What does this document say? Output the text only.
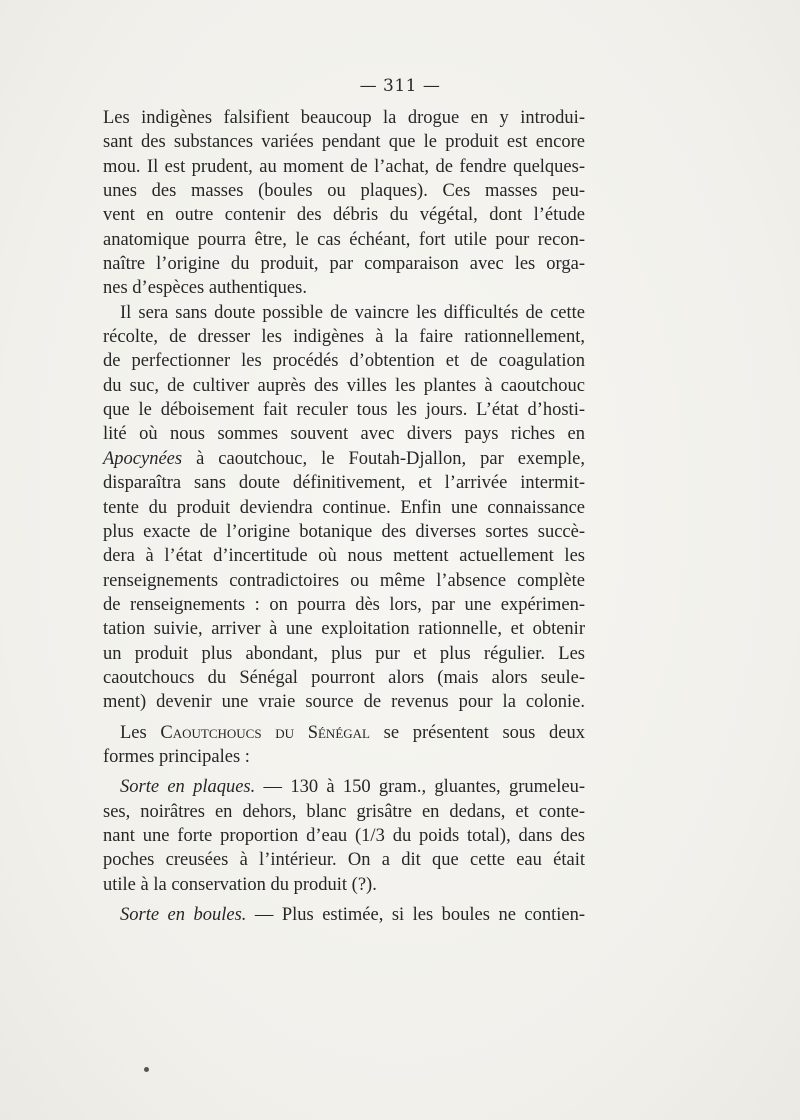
— 311 —
Les indigènes falsifient beaucoup la drogue en y introdui-
sant des substances variées pendant que le produit est encore
mou. Il est prudent, au moment de l’achat, de fendre quelques-
unes des masses (boules ou plaques). Ces masses peu-
vent en outre contenir des débris du végétal, dont l’étude
anatomique pourra être, le cas échéant, fort utile pour recon-
naître l’origine du produit, par comparaison avec les orga-
nes d’espèces authentiques.
Il sera sans doute possible de vaincre les difficultés de cette
récolte, de dresser les indigènes à la faire rationnellement,
de perfectionner les procédés d’obtention et de coagulation
du suc, de cultiver auprès des villes les plantes à caoutchouc
que le déboisement fait reculer tous les jours. L’état d’hosti-
lité où nous sommes souvent avec divers pays riches en
Apocynées à caoutchouc, le Foutah-Djallon, par exemple,
disparaîtra sans doute définitivement, et l’arrivée intermit-
tente du produit deviendra continue. Enfin une connaissance
plus exacte de l’origine botanique des diverses sortes succè-
dera à l’état d’incertitude où nous mettent actuellement les
renseignements contradictoires ou même l’absence complète
de renseignements : on pourra dès lors, par une expérimen-
tation suivie, arriver à une exploitation rationnelle, et obtenir
un produit plus abondant, plus pur et plus régulier. Les
caoutchoucs du Sénégal pourront alors (mais alors seule-
ment) devenir une vraie source de revenus pour la colonie.
Les Caoutchoucs du Sénégal se présentent sous deux
formes principales :
Sorte en plaques. — 130 à 150 gram., gluantes, grumeleu-
ses, noirâtres en dehors, blanc grisâtre en dedans, et conte-
nant une forte proportion d’eau (1/3 du poids total), dans des
poches creusées à l’intérieur. On a dit que cette eau était
utile à la conservation du produit (?).
Sorte en boules. — Plus estimée, si les boules ne contien-
